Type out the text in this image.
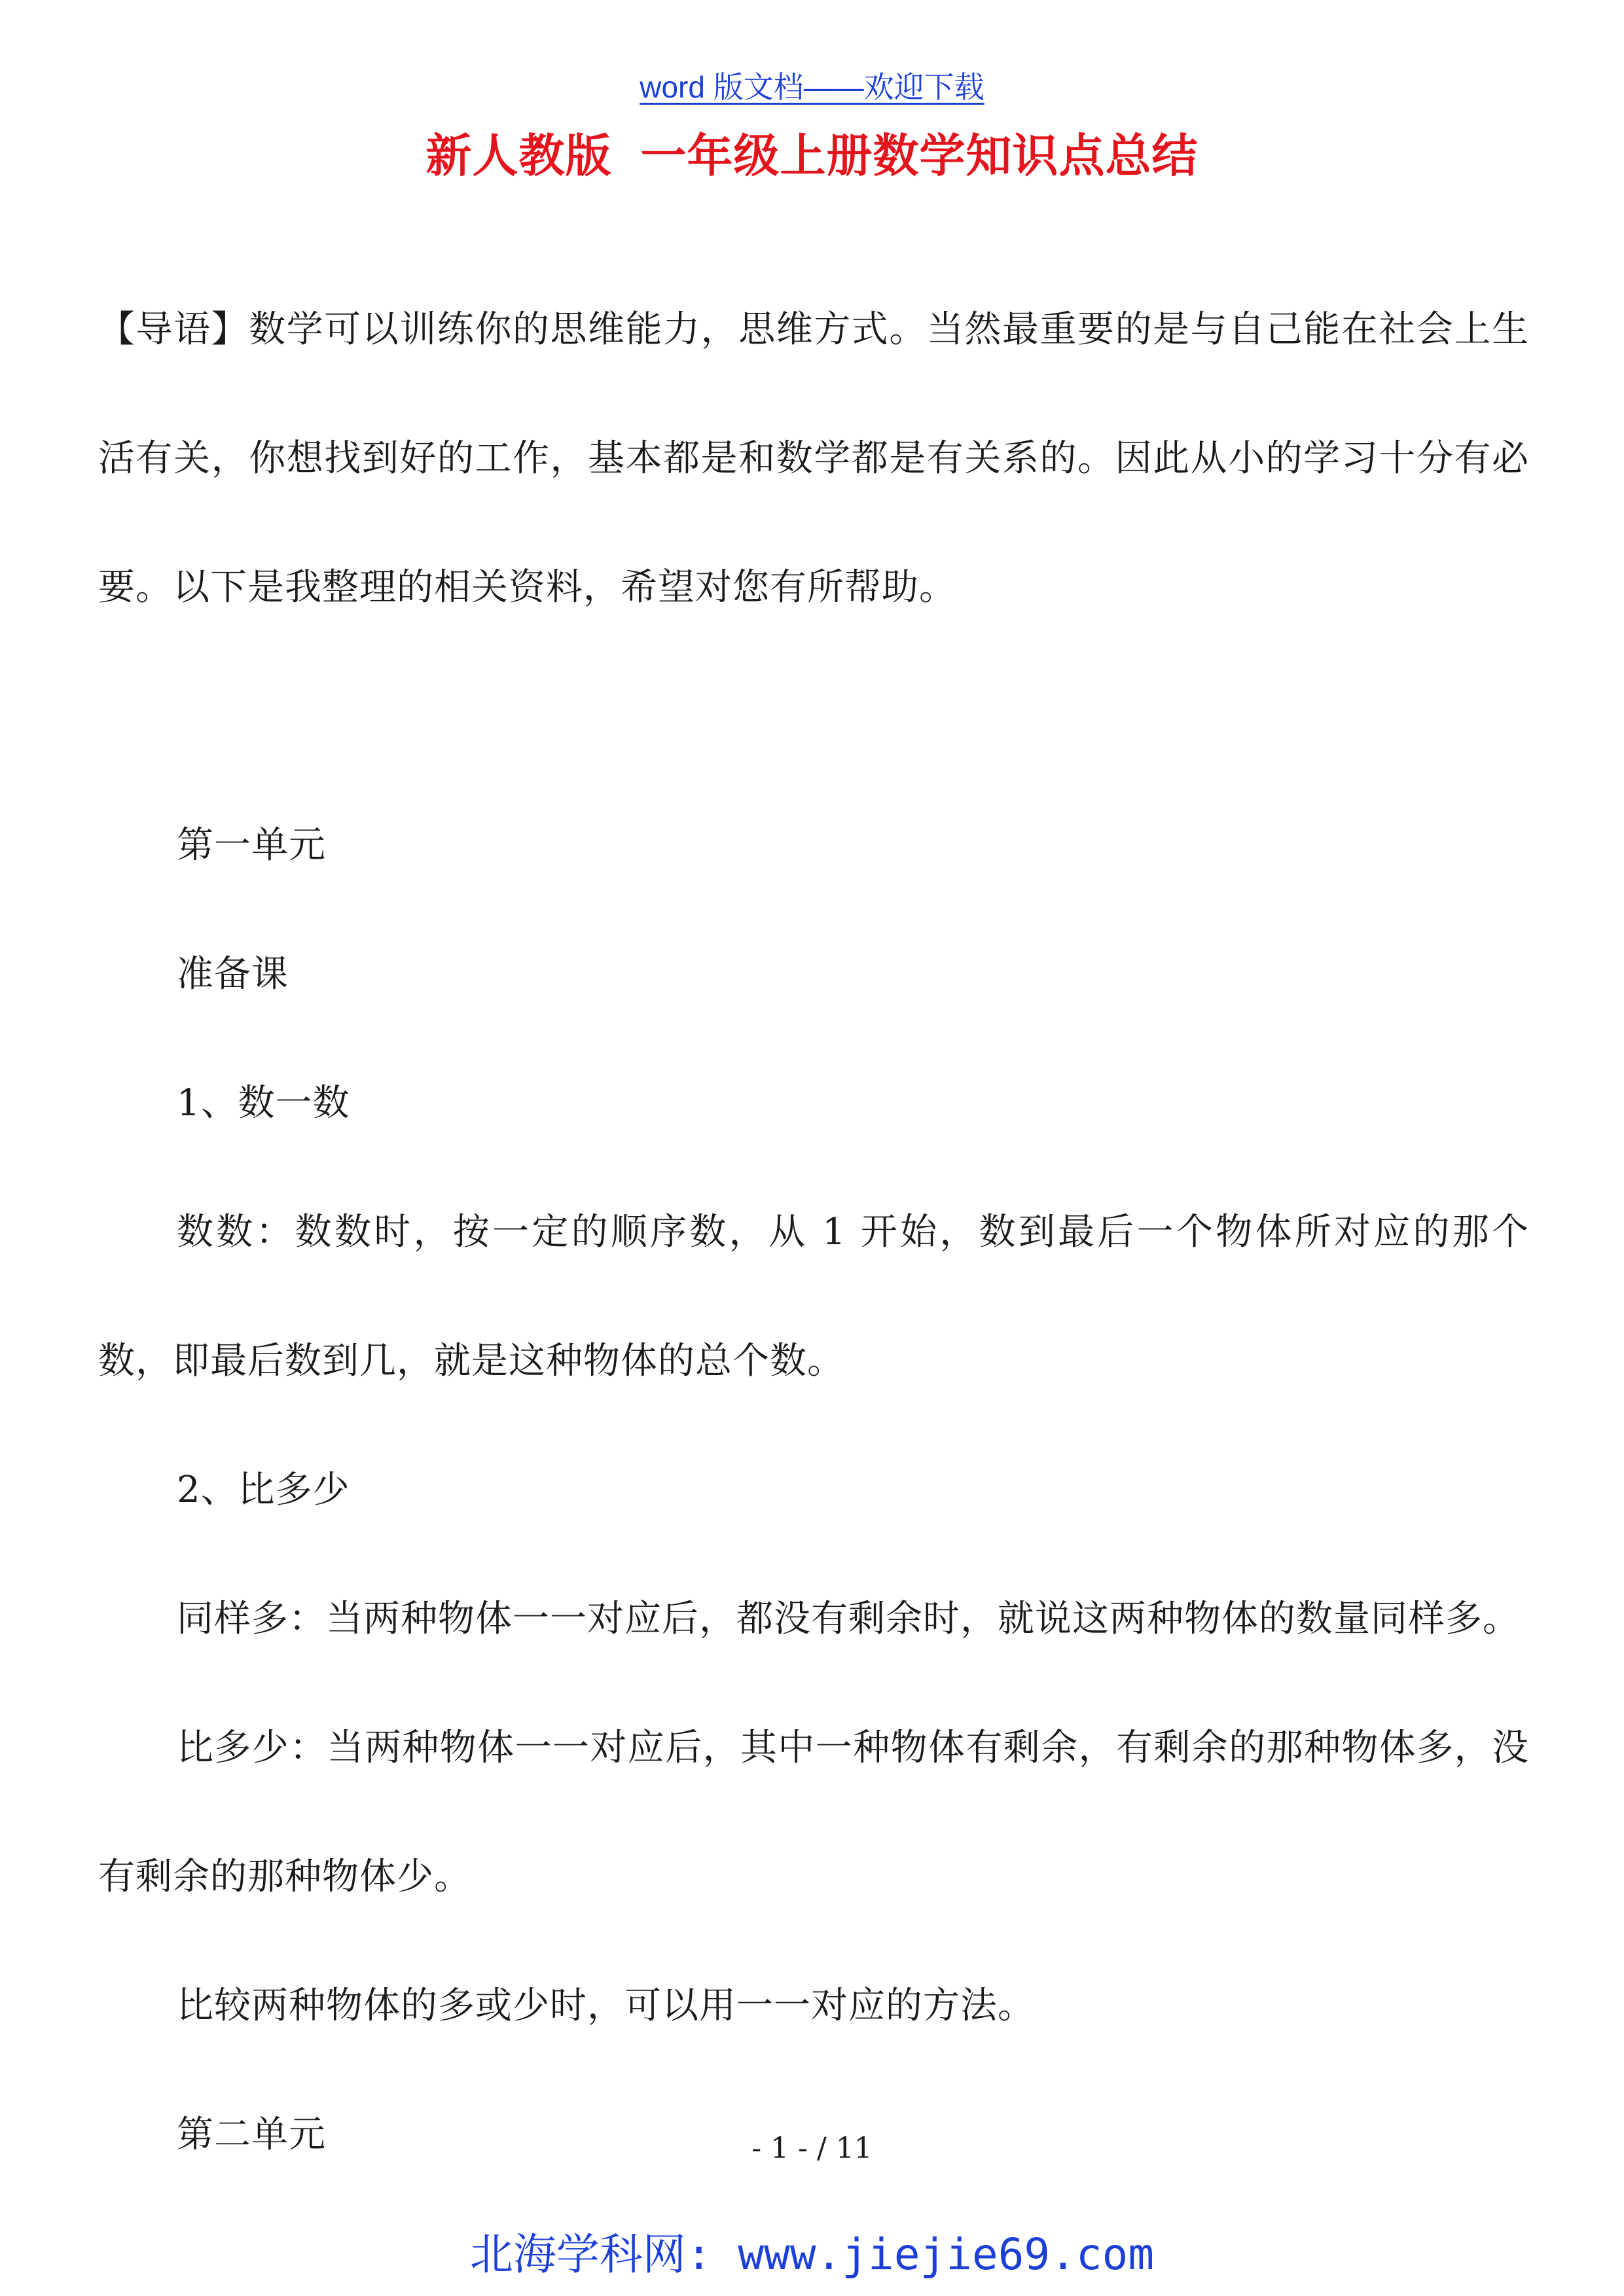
word 版文档——欢迎下载
新人教版 一年级上册数学知识点总结

【导语】数学可以训练你的思维能力，思维方式。当然最重要的是与自己能在社会上生活有关，你想找到好的工作，基本都是和数学都是有关系的。因此从小的学习十分有必要。以下是我整理的相关资料，希望对您有所帮助。

第一单元

准备课

1、数一数

数数：数数时，按一定的顺序数，从 1 开始，数到最后一个物体所对应的那个数，即最后数到几，就是这种物体的总个数。

2、比多少

同样多：当两种物体一一对应后，都没有剩余时，就说这两种物体的数量同样多。

比多少：当两种物体一一对应后，其中一种物体有剩余，有剩余的那种物体多，没有剩余的那种物体少。

比较两种物体的多或少时，可以用一一对应的方法。

第二单元	- 1 - / 11
北海学科网: www.jiejie69.com
